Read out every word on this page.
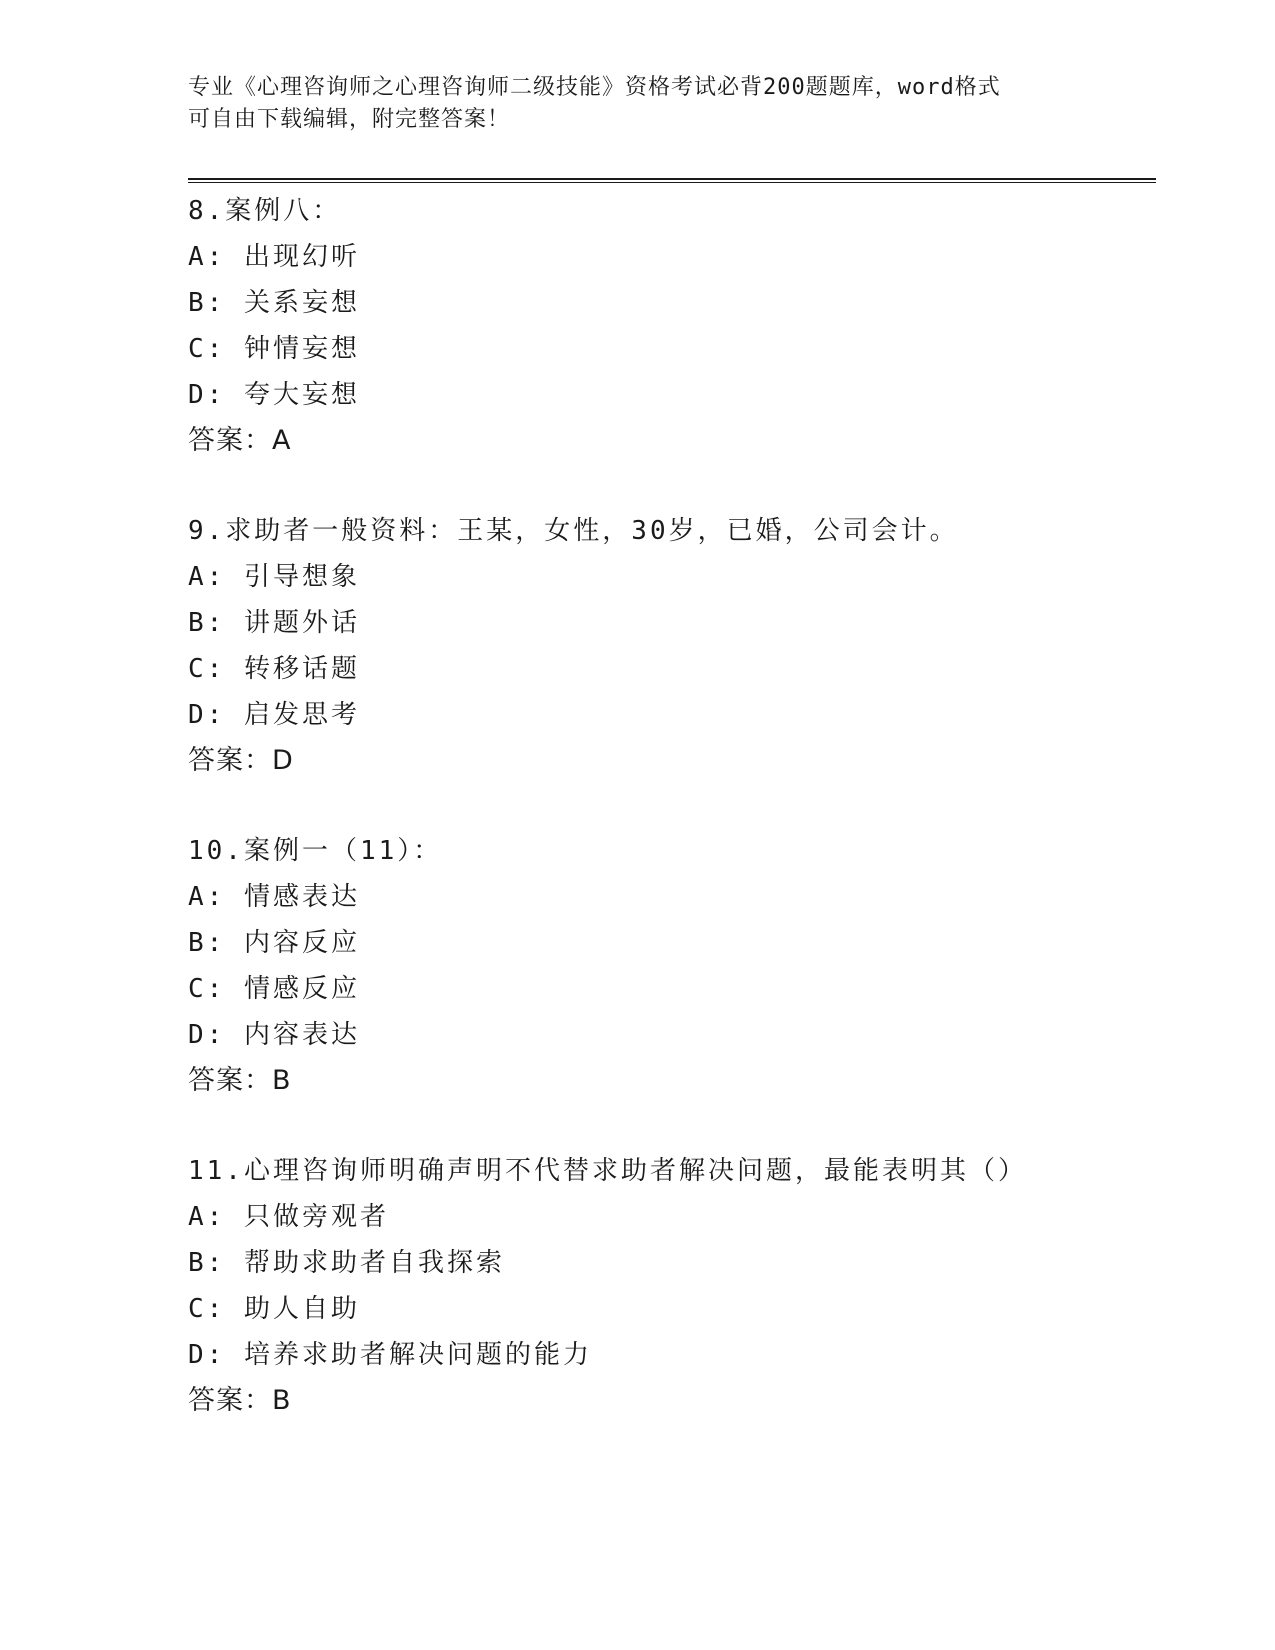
专业《心理咨询师之心理咨询师二级技能》资格考试必背200题题库，word格式
可自由下载编辑，附完整答案！
8.案例八：
A: 出现幻听
B: 关系妄想
C: 钟情妄想
D: 夸大妄想
答案：A
9.求助者一般资料：王某，女性，30岁，已婚，公司会计。
A: 引导想象
B: 讲题外话
C: 转移话题
D: 启发思考
答案：D
10.案例一（11）：
A: 情感表达
B: 内容反应
C: 情感反应
D: 内容表达
答案：B
11.心理咨询师明确声明不代替求助者解决问题，最能表明其（）
A: 只做旁观者
B: 帮助求助者自我探索
C: 助人自助
D: 培养求助者解决问题的能力
答案：B
